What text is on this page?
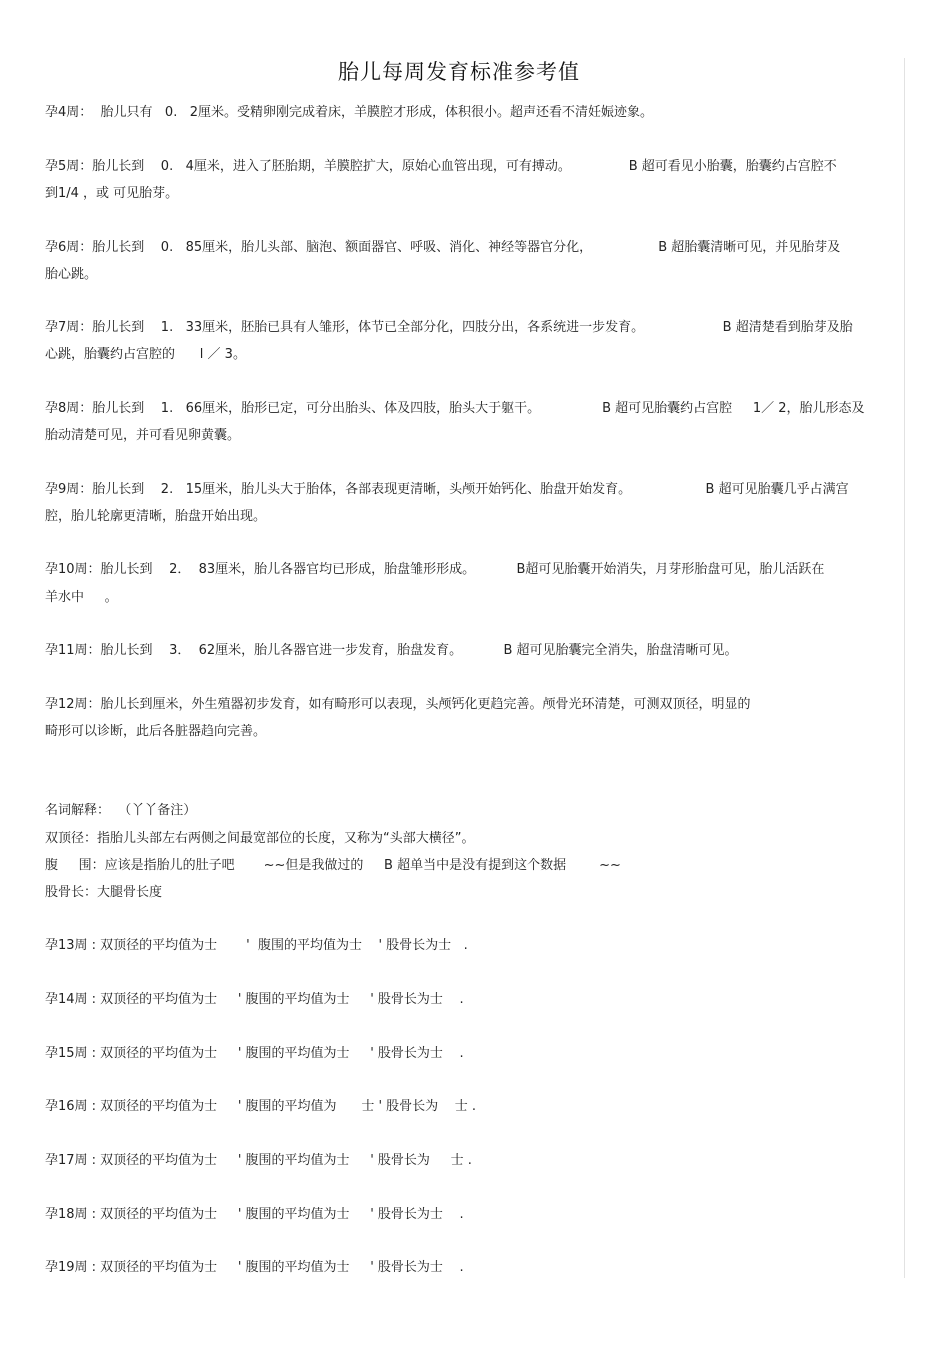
胎儿每周发育标准参考值
孕4周：  胎儿只有   0.   2厘米。受精卵刚完成着床，羊膜腔才形成，体积很小。超声还看不清妊娠迹象。
孕5周：胎儿长到    0.   4厘米，进入了胚胎期，羊膜腔扩大，原始心血管出现，可有搏动。              B 超可看见小胎囊，胎囊约占宫腔不
到1/4 ，或 可见胎芽。
孕6周：胎儿长到    0.   85厘米，胎儿头部、脑泡、额面器官、呼吸、消化、神经等器官分化，                B 超胎囊清晰可见，并见胎芽及
胎心跳。
孕7周：胎儿长到    1.   33厘米，胚胎已具有人雏形，体节已全部分化，四肢分出，各系统进一步发育。                   B 超清楚看到胎芽及胎
心跳，胎囊约占宫腔的      l ／ 3。
孕8周：胎儿长到    1.   66厘米，胎形已定，可分出胎头、体及四肢，胎头大于躯干。               B 超可见胎囊约占宫腔     1／ 2，胎儿形态及
胎动清楚可见，并可看见卵黄囊。
孕9周：胎儿长到    2.   15厘米，胎儿头大于胎体，各部表现更清晰，头颅开始钙化、胎盘开始发育。                  B 超可见胎囊几乎占满宫
腔，胎儿轮廓更清晰，胎盘开始出现。
孕10周：胎儿长到    2．  83厘米，胎儿各器官均已形成，胎盘雏形形成。          B超可见胎囊开始消失，月芽形胎盘可见，胎儿活跃在
羊水中     。
孕11周：胎儿长到    3．  62厘米，胎儿各器官进一步发育，胎盘发育。          B 超可见胎囊完全消失，胎盘清晰可见。
孕12周：胎儿长到厘米，外生殖器初步发育，如有畸形可以表现，头颅钙化更趋完善。颅骨光环清楚，可测双顶径，明显的
畸形可以诊断，此后各脏器趋向完善。
名词解释：  （丫丫备注）
双顶径：指胎儿头部左右两侧之间最宽部位的长度，又称为“头部大横径”。
腹     围：应该是指胎儿的肚子吧       ~~但是我做过的     B 超单当中是没有提到这个数据        ~~
股骨长：大腿骨长度
孕13周 : 双顶径的平均值为士       '  腹围的平均值为士    ' 股骨长为士   .
孕14周 : 双顶径的平均值为士     ' 腹围的平均值为士     ' 股骨长为士    .
孕15周 : 双顶径的平均值为士     ' 腹围的平均值为士     ' 股骨长为士    .
孕16周 : 双顶径的平均值为士     ' 腹围的平均值为      士 ' 股骨长为    士 .
孕17周 : 双顶径的平均值为士     ' 腹围的平均值为士     ' 股骨长为     士 .
孕18周 : 双顶径的平均值为士     ' 腹围的平均值为士     ' 股骨长为士    .
孕19周 : 双顶径的平均值为士     ' 腹围的平均值为士     ' 股骨长为士    .
